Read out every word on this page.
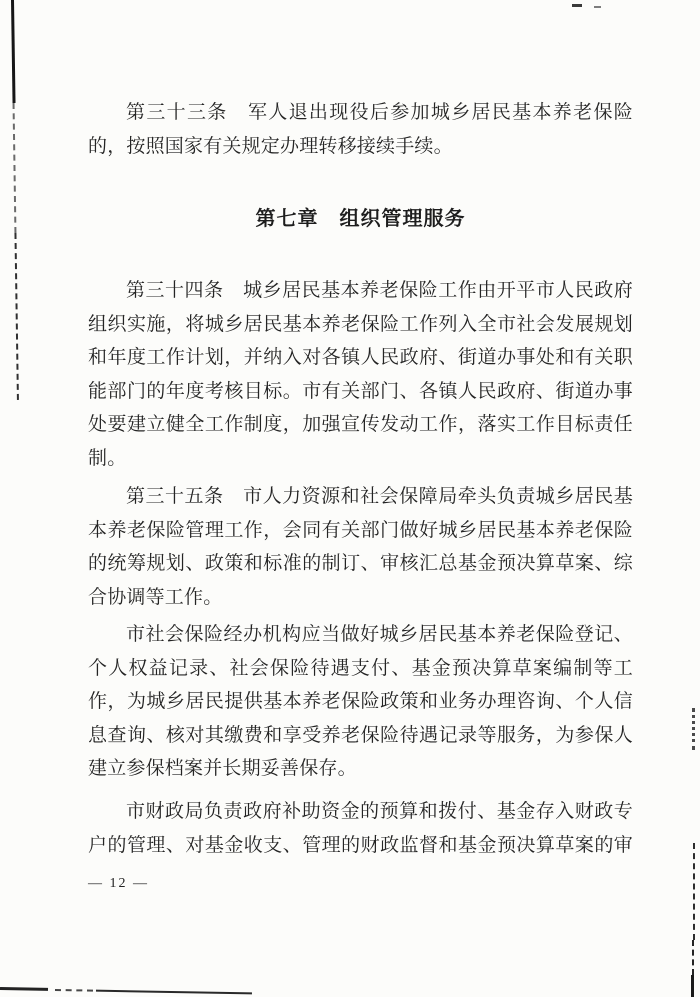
第三十三条　军人退出现役后参加城乡居民基本养老保险
的，按照国家有关规定办理转移接续手续。
第七章　组织管理服务
第三十四条　城乡居民基本养老保险工作由开平市人民政府
组织实施，将城乡居民基本养老保险工作列入全市社会发展规划
和年度工作计划，并纳入对各镇人民政府、街道办事处和有关职
能部门的年度考核目标。市有关部门、各镇人民政府、街道办事
处要建立健全工作制度，加强宣传发动工作，落实工作目标责任
制。
第三十五条　市人力资源和社会保障局牵头负责城乡居民基
本养老保险管理工作，会同有关部门做好城乡居民基本养老保险
的统筹规划、政策和标准的制订、审核汇总基金预决算草案、综
合协调等工作。
市社会保险经办机构应当做好城乡居民基本养老保险登记、
个人权益记录、社会保险待遇支付、基金预决算草案编制等工
作，为城乡居民提供基本养老保险政策和业务办理咨询、个人信
息查询、核对其缴费和享受养老保险待遇记录等服务，为参保人
建立参保档案并长期妥善保存。
市财政局负责政府补助资金的预算和拨付、基金存入财政专
户的管理、对基金收支、管理的财政监督和基金预决算草案的审
— 12 —
